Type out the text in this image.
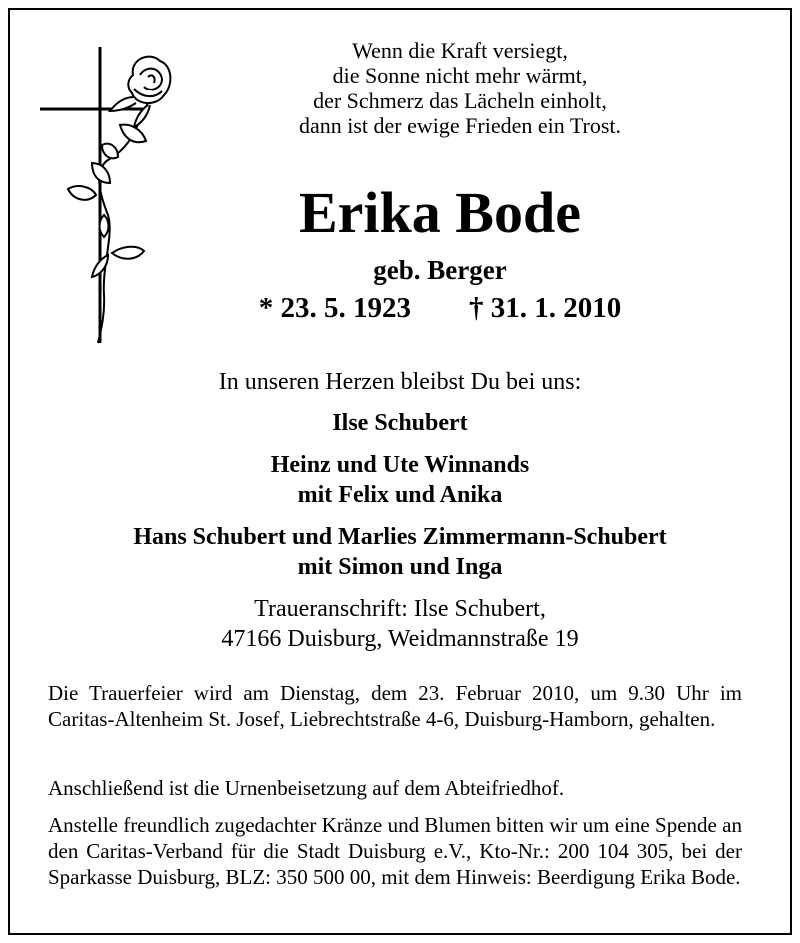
Wenn die Kraft versiegt,
die Sonne nicht mehr wärmt,
der Schmerz das Lächeln einholt,
dann ist der ewige Frieden ein Trost.
Erika Bode
geb. Berger
* 23. 5. 1923 † 31. 1. 2010
In unseren Herzen bleibst Du bei uns:
Ilse Schubert
Heinz und Ute Winnands
mit Felix und Anika
Hans Schubert und Marlies Zimmermann-Schubert
mit Simon und Inga
Traueranschrift: Ilse Schubert,
47166 Duisburg, Weidmannstraße 19
Die Trauerfeier wird am Dienstag, dem 23. Februar 2010, um 9.30 Uhr im Caritas-Altenheim St. Josef, Liebrechtstraße 4-6, Duisburg-Hamborn, gehalten.
Anschließend ist die Urnenbeisetzung auf dem Abteifriedhof.
Anstelle freundlich zugedachter Kränze und Blumen bitten wir um eine Spende an den Caritas-Verband für die Stadt Duisburg e.V., Kto-Nr.: 200 104 305, bei der Sparkasse Duisburg, BLZ: 350 500 00, mit dem Hinweis: Beerdigung Erika Bode.
